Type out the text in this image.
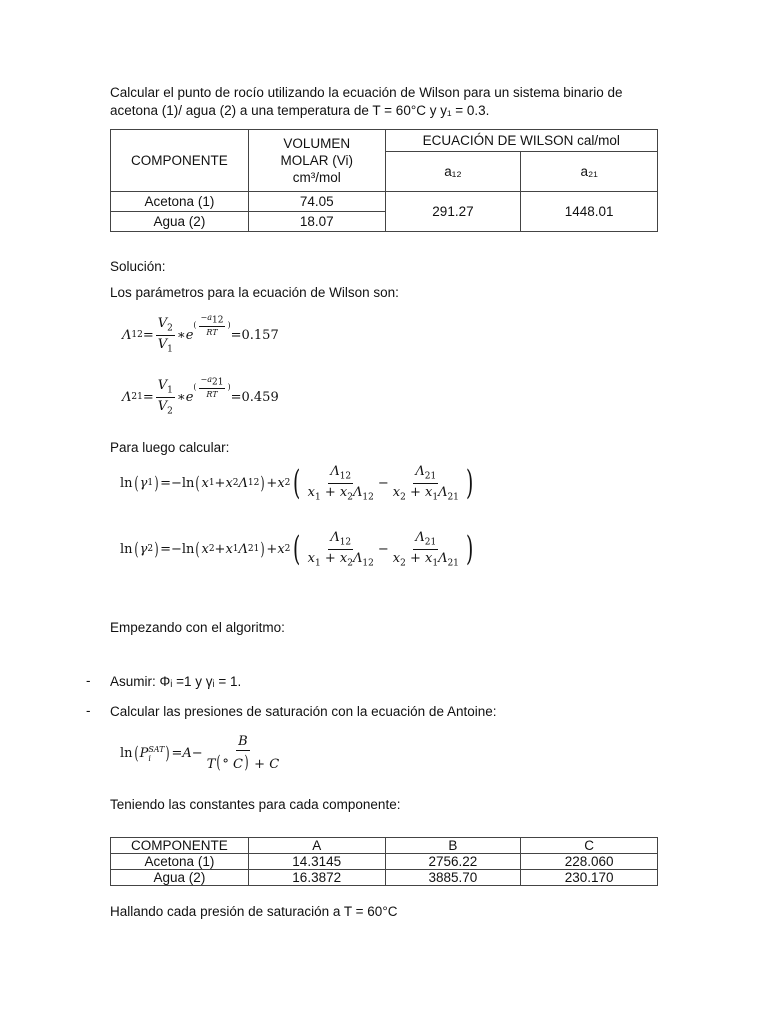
Calcular el punto de rocío utilizando la ecuación de Wilson para un sistema binario de
acetona (1)/ agua (2) a una temperatura de T = 60°C y y₁ = 0.3.
COMPONENTE	VOLUMEN
MOLAR (Vi)
cm³/mol	ECUACIÓN DE WILSON cal/mol	
		a₁₂	a₂₁
Acetona (1)	74.05	291.27	1448.01
Agua (2)	18.07		
Solución:
Los parámetros para la ecuación de Wilson son:
Λ $12 = \frac{V_2}{V_1}$ ∗ e
( $\frac{-a_{12}}{RT}$ )
=0.157
Λ $21 = \frac{V_1}{V_2}$ ∗ e
( $\frac{-a_{21}}{RT}$ )
=0.459
Para luego calcular:
ln ( γ 1 ) =−ln ( x 1 + x 2 Λ 12 ) + x 2 ( $\frac{\Lambda_{12}}{x_1 + x_2\Lambda_{12}} - \frac{\Lambda_{21}}{x_2 + x_1\Lambda_{21}}$ )
ln ( γ 2 ) =−ln ( x 2 + x 1 Λ 21 ) + x 2 ( $\frac{\Lambda_{12}}{x_1 + x_2\Lambda_{12}} - \frac{\Lambda_{21}}{x_2 + x_1\Lambda_{21}}$ )
Empezando con el algoritmo:
- Asumir: Φᵢ =1 y γᵢ = 1.
- Calcular las presiones de saturación con la ecuación de Antoine:
ln ( P SAT
i ) = $A - \frac{B}{T(^\circ C) + C}$
Teniendo las constantes para cada componente:
COMPONENTE	A	B	C
Acetona (1)	14.3145	2756.22	228.060
Agua (2)	16.3872	3885.70	230.170
Hallando cada presión de saturación a T = 60°C
